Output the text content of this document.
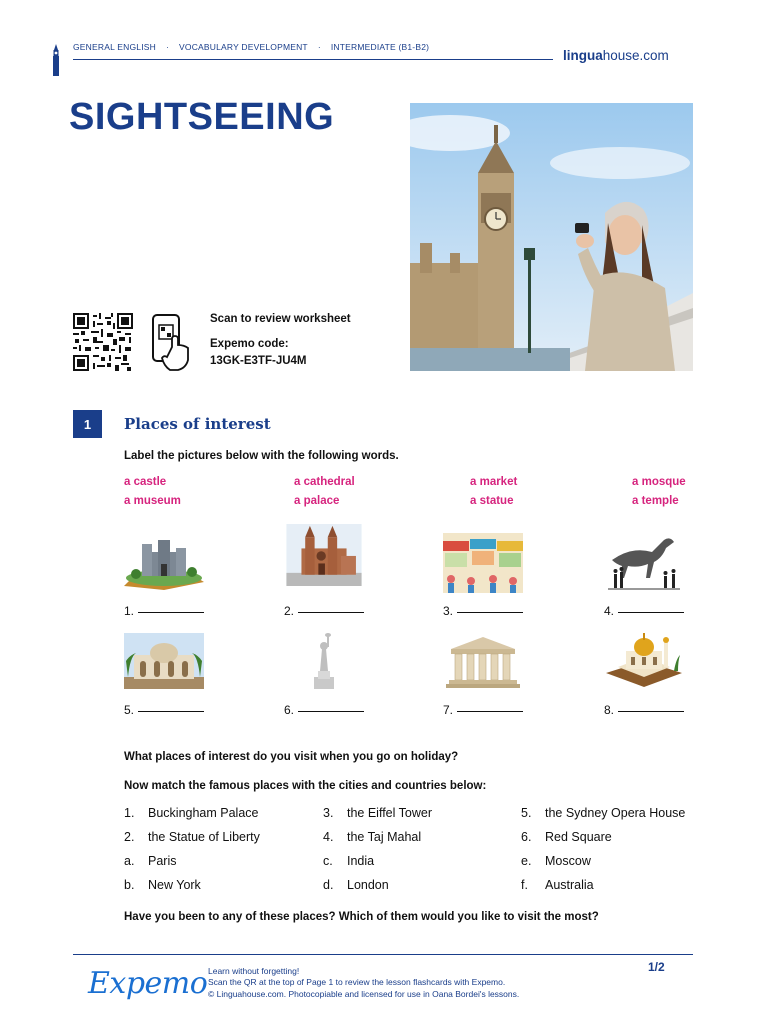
GENERAL ENGLISH · VOCABULARY DEVELOPMENT · INTERMEDIATE (B1-B2)
linguahouse.com
SIGHTSEEING
Scan to review worksheet
Expemo code:
13GK-E3TF-JU4M
1	Places of interest
Label the pictures below with the following words.
a castle	a cathedral	a market	a mosque
a museum	a palace	a statue	a temple
1.	2.	3.	4.
5.	6.	7.	8.
What places of interest do you visit when you go on holiday?
Now match the famous places with the cities and countries below:
1. Buckingham Palace	3. the Eiffel Tower	5. the Sydney Opera House
2. the Statue of Liberty	4. the Taj Mahal	6. Red Square
a. Paris	c. India	e. Moscow
b. New York	d. London	f. Australia
Have you been to any of these places? Which of them would you like to visit the most?
Expemo Learn without forgetting!
Scan the QR at the top of Page 1 to review the lesson flashcards with Expemo.
© Linguahouse.com. Photocopiable and licensed for use in Oana Bordei's lessons.
1/2
